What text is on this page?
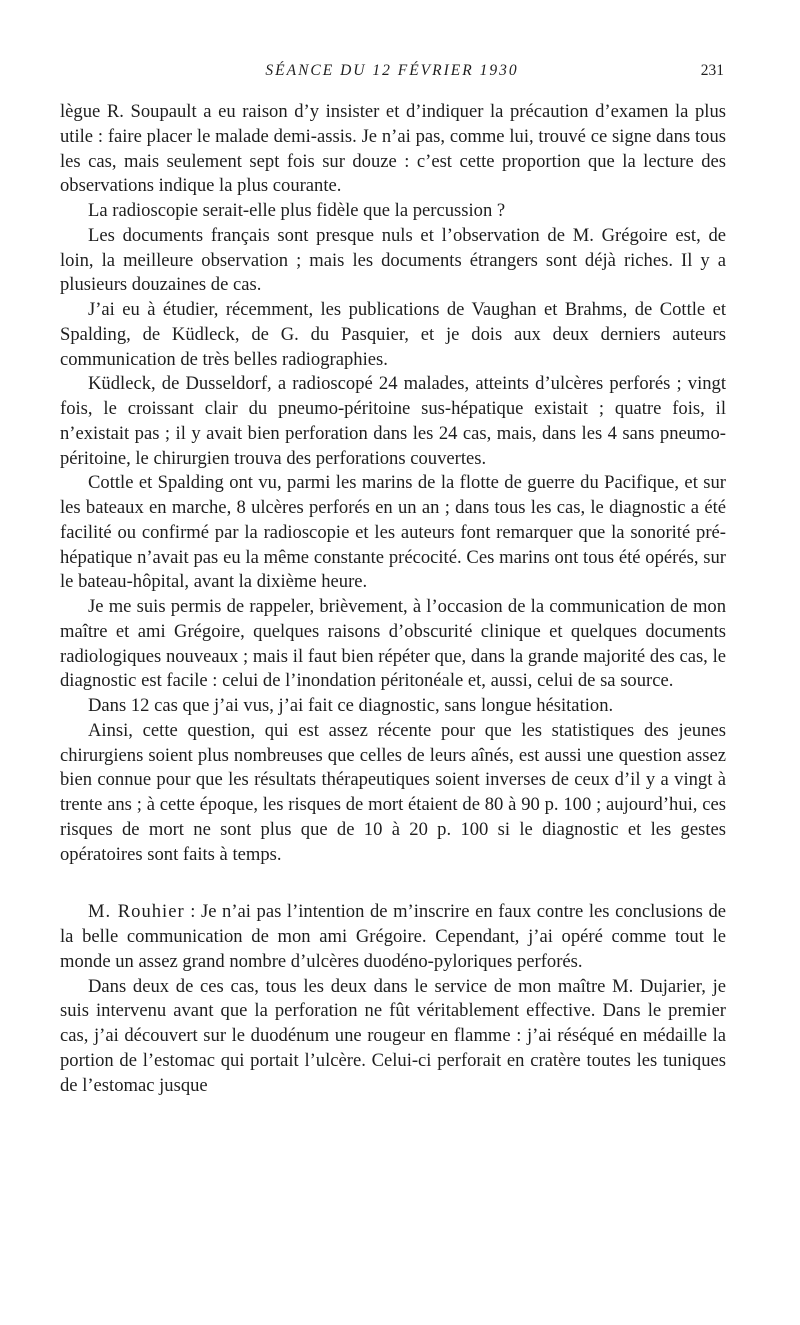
SÉANCE DU 12 FÉVRIER 1930	231

lègue R. Soupault a eu raison d’y insister et d’indiquer la précaution d’examen la plus utile : faire placer le malade demi-assis. Je n’ai pas, comme lui, trouvé ce signe dans tous les cas, mais seulement sept fois sur douze : c’est cette proportion que la lecture des observations indique la plus courante.

La radioscopie serait-elle plus fidèle que la percussion ?

Les documents français sont presque nuls et l’observation de M. Grégoire est, de loin, la meilleure observation ; mais les documents étrangers sont déjà riches. Il y a plusieurs douzaines de cas.

J’ai eu à étudier, récemment, les publications de Vaughan et Brahms, de Cottle et Spalding, de Küdleck, de G. du Pasquier, et je dois aux deux derniers auteurs communication de très belles radiographies.

Küdleck, de Dusseldorf, a radioscopé 24 malades, atteints d’ulcères perforés ; vingt fois, le croissant clair du pneumo-péritoine sus-hépatique existait ; quatre fois, il n’existait pas ; il y avait bien perforation dans les 24 cas, mais, dans les 4 sans pneumo-péritoine, le chirurgien trouva des perforations couvertes.

Cottle et Spalding ont vu, parmi les marins de la flotte de guerre du Pacifique, et sur les bateaux en marche, 8 ulcères perforés en un an ; dans tous les cas, le diagnostic a été facilité ou confirmé par la radioscopie et les auteurs font remarquer que la sonorité pré-hépatique n’avait pas eu la même constante précocité. Ces marins ont tous été opérés, sur le bateau-hôpital, avant la dixième heure.

Je me suis permis de rappeler, brièvement, à l’occasion de la communication de mon maître et ami Grégoire, quelques raisons d’obscurité clinique et quelques documents radiologiques nouveaux ; mais il faut bien répéter que, dans la grande majorité des cas, le diagnostic est facile : celui de l’inondation péritonéale et, aussi, celui de sa source.

Dans 12 cas que j’ai vus, j’ai fait ce diagnostic, sans longue hésitation.

Ainsi, cette question, qui est assez récente pour que les statistiques des jeunes chirurgiens soient plus nombreuses que celles de leurs aînés, est aussi une question assez bien connue pour que les résultats thérapeutiques soient inverses de ceux d’il y a vingt à trente ans ; à cette époque, les risques de mort étaient de 80 à 90 p. 100 ; aujourd’hui, ces risques de mort ne sont plus que de 10 à 20 p. 100 si le diagnostic et les gestes opératoires sont faits à temps.

M. Rouhier : Je n’ai pas l’intention de m’inscrire en faux contre les conclusions de la belle communication de mon ami Grégoire. Cependant, j’ai opéré comme tout le monde un assez grand nombre d’ulcères duodéno-pyloriques perforés.

Dans deux de ces cas, tous les deux dans le service de mon maître M. Dujarier, je suis intervenu avant que la perforation ne fût véritablement effective. Dans le premier cas, j’ai découvert sur le duodénum une rougeur en flamme : j’ai réséqué en médaille la portion de l’estomac qui portait l’ulcère. Celui-ci perforait en cratère toutes les tuniques de l’estomac jusque
